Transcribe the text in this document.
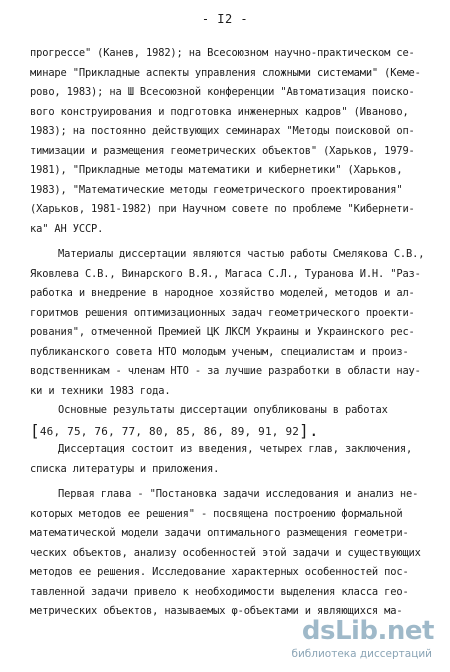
- I2 -
прогрессе" (Канев, 1982); на Всесоюзном научно-практическом се-
минаре "Прикладные аспекты управления сложными системами" (Кеме-
рово, 1983); на Ш Всесоюзной конференции "Автоматизация поиско-
вого конструирования и подготовка инженерных кадров" (Иваново,
1983); на постоянно действующих семинарах "Методы поисковой оп-
тимизации и размещения геометрических объектов" (Харьков, 1979-
1981), "Прикладные методы математики и кибернетики" (Харьков,
1983), "Математические методы геометрического проектирования"
(Харьков, 1981-1982) при Научном совете по проблеме "Кибернети-
ка" АН УССР.
Материалы диссертации являются частью работы Смелякова С.В.,
Яковлева С.В., Винарского В.Я., Магаса С.Л., Туранова И.Н. "Раз-
работка и внедрение в народное хозяйство моделей, методов и ал-
горитмов решения оптимизационных задач геометрического проекти-
рования", отмеченной Премией ЦК ЛКСМ Украины и Украинского рес-
публиканского совета НТО молодым ученым, специалистам и произ-
водственникам - членам НТО - за лучшие разработки в области нау-
ки и техники 1983 года.
Основные результаты диссертации опубликованы в работах
[46, 75, 76, 77, 80, 85, 86, 89, 91, 92].
Диссертация состоит из введения, четырех глав, заключения,
списка литературы и приложения.
Первая глава - "Постановка задачи исследования и анализ не-
которых методов ее решения" - посвящена построению формальной
математической модели задачи оптимального размещения геометри-
ческих объектов, анализу особенностей этой задачи и существующих
методов ее решения. Исследование характерных особенностей пос-
тавленной задачи привело к необходимости выделения класса гео-
метрических объектов, называемых φ-объектами и являющихся ма-
dsLib.net
библиотека диссертаций
